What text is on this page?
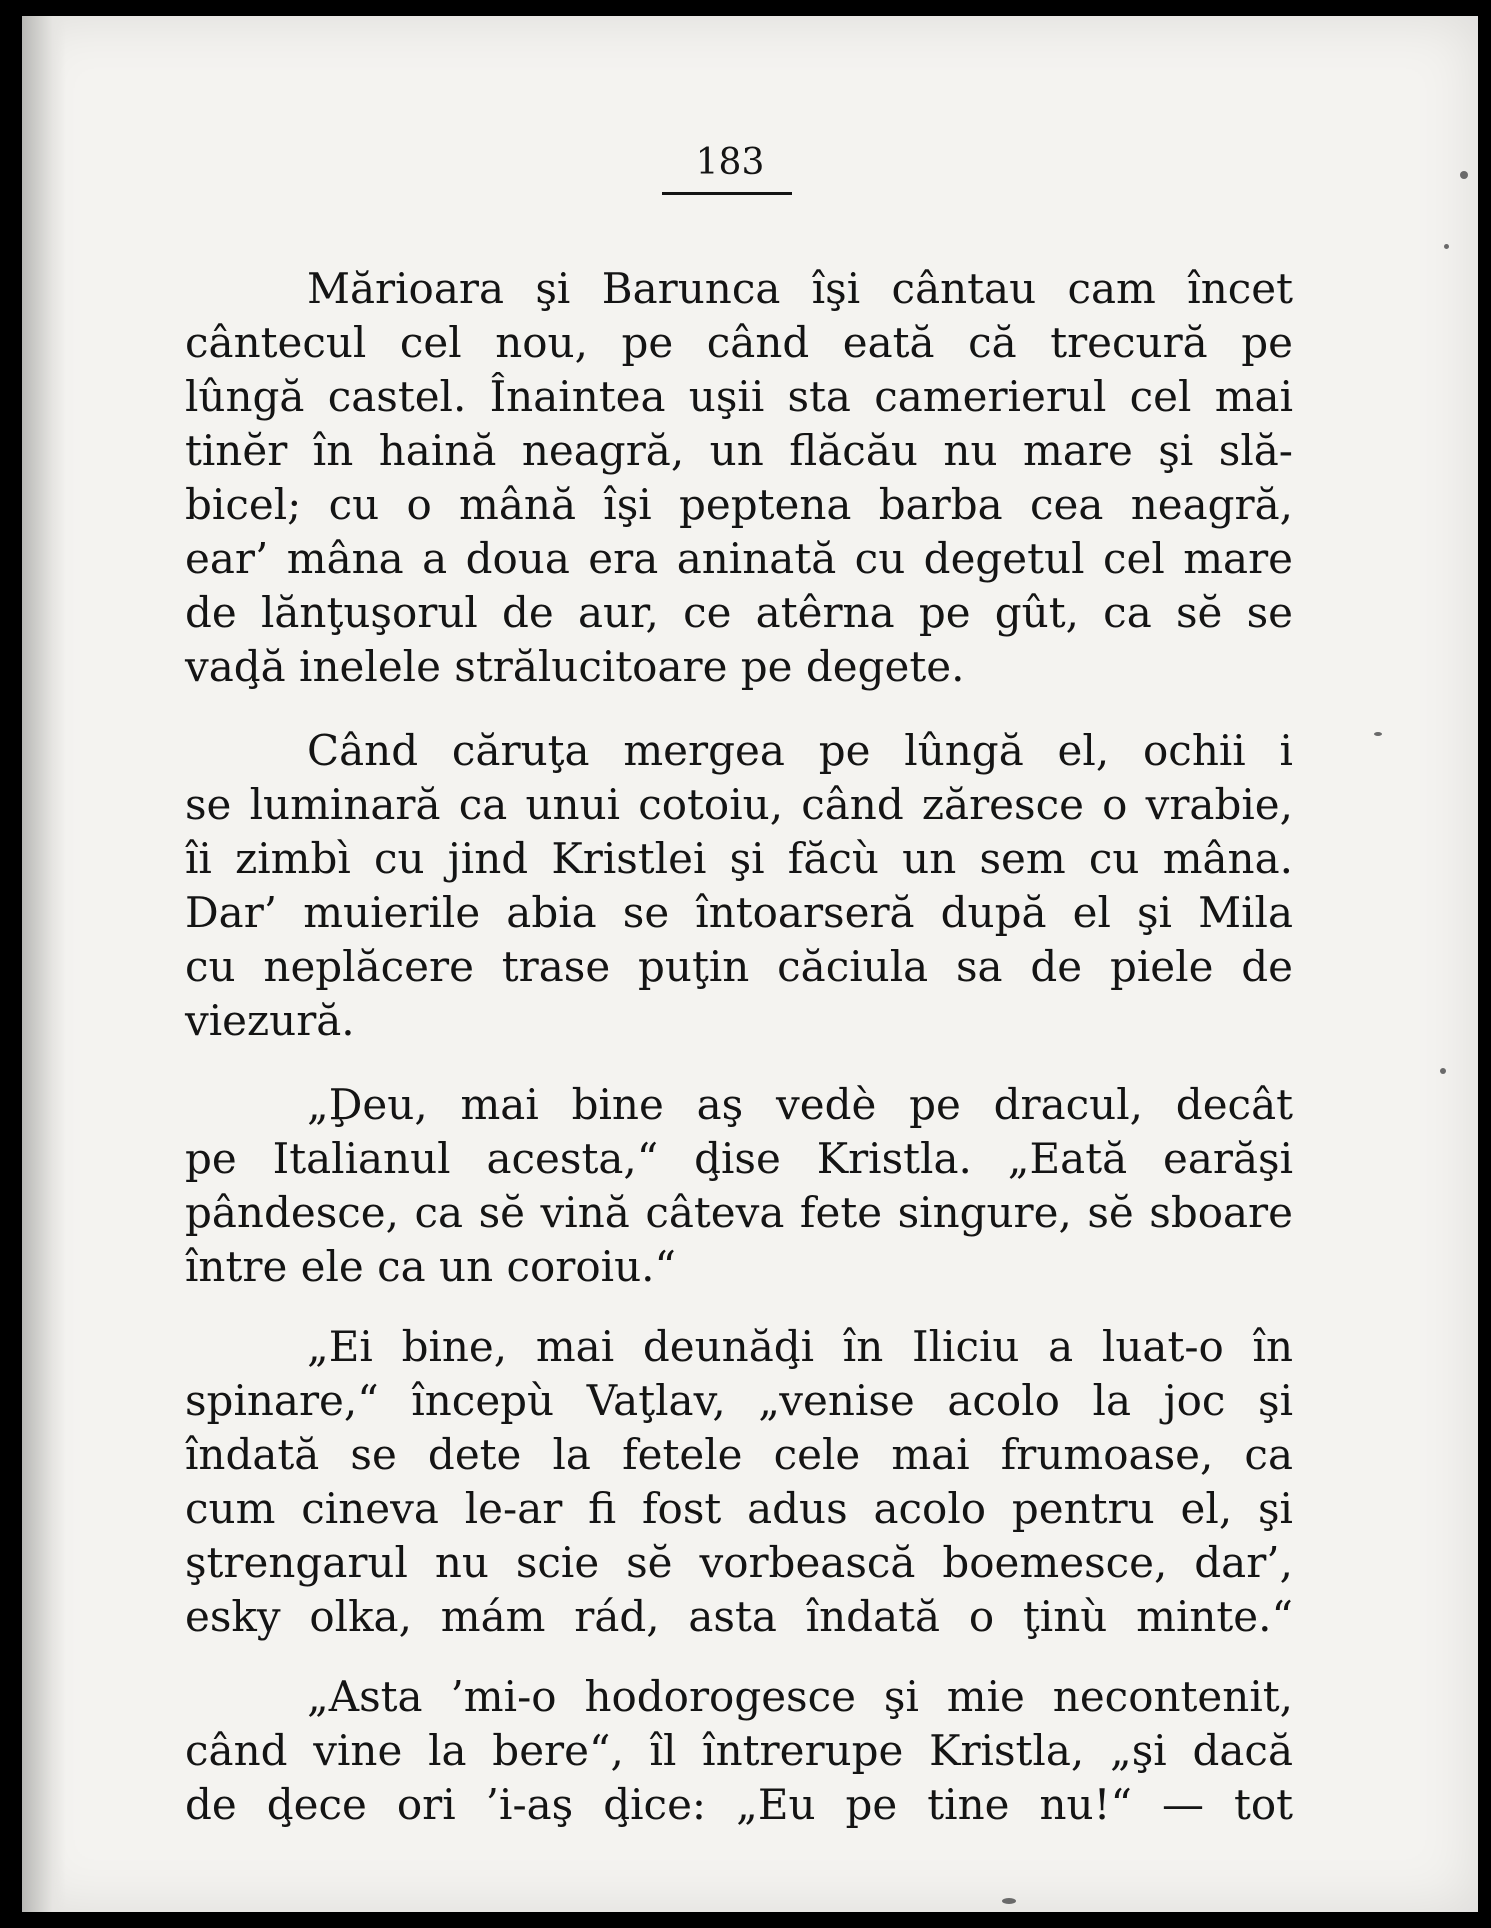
183
Mărioara şi Barunca îşi cântau cam încet
cântecul cel nou, pe când eată că trecură pe
lûngă castel. Înaintea uşii sta camerierul cel mai
tinĕr în haină neagră, un flăcău nu mare şi slă-
bicel; cu o mână îşi peptena barba cea neagră,
ear’ mâna a doua era aninată cu degetul cel mare
de lănţuşorul de aur, ce atêrna pe gût, ca sĕ se
vaḑă inelele strălucitoare pe degete.
Când căruţa mergea pe lûngă el, ochii i
se luminară ca unui cotoiu, când zăresce o vrabie,
îi zimbì cu jind Kristlei şi făcù un sem cu mâna.
Dar’ muierile abia se întoarseră după el şi Mila
cu neplăcere trase puţin căciula sa de piele de
viezură.
„Ḑeu, mai bine aş vedè pe dracul, decât
pe Italianul acesta,“ ḑise Kristla. „Eată earăşi
pândesce, ca sĕ vină câteva fete singure, sĕ sboare
între ele ca un coroiu.“
„Ei bine, mai deunăḑi în Iliciu a luat-o în
spinare,“ începù Vaţlav, „venise acolo la joc şi
îndată se dete la fetele cele mai frumoase, ca
cum cineva le-ar fi fost adus acolo pentru el, şi
ştrengarul nu scie sĕ vorbească boemesce, dar’,
esky olka, mám rád, asta îndată o ţinù minte.“
„Asta ’mi-o hodorogesce şi mie necontenit,
când vine la bere“, îl întrerupe Kristla, „şi dacă
de ḑece ori ’i-aş ḑice: „Eu pe tine nu!“ — tot
